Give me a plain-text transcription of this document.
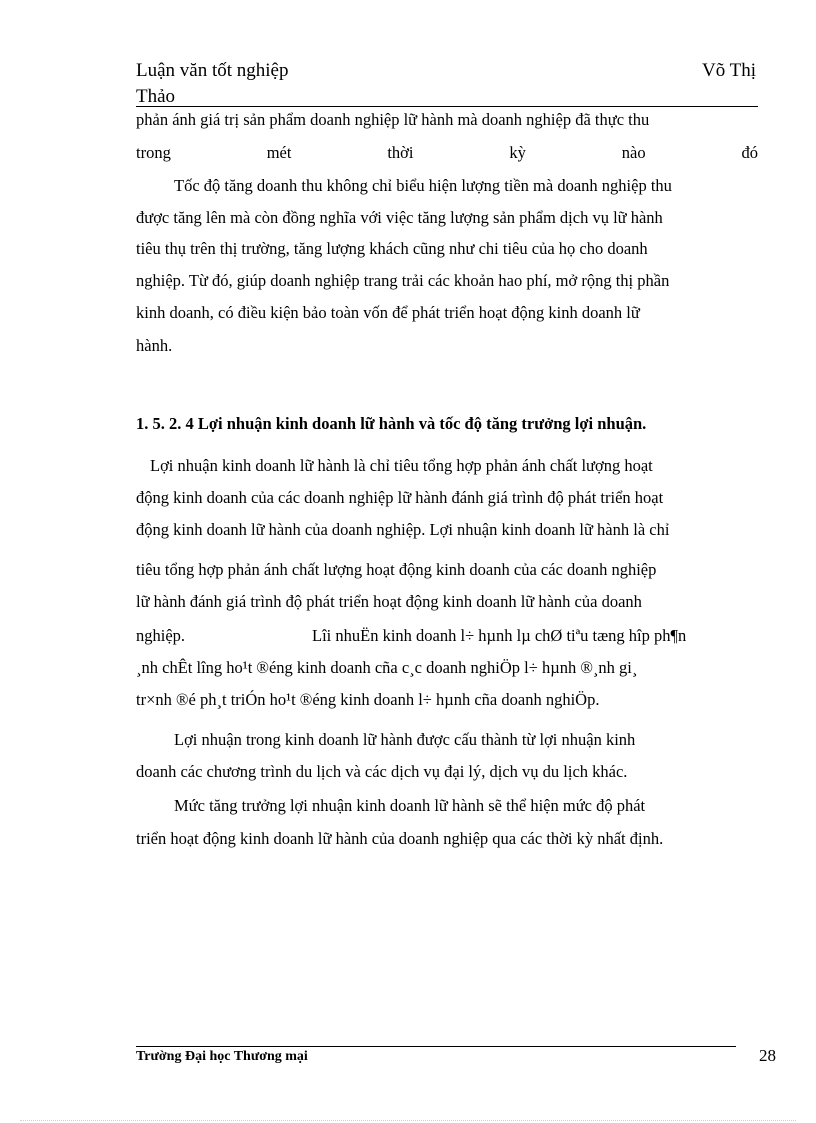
Luận văn tốt nghiệp
Thảo
Võ Thị
phản ánh giá trị sản phẩm doanh nghiệp lữ hành mà doanh nghiệp đã thực thu
trong	mét	thời	kỳ	nào	đó
Tốc độ tăng doanh thu không chỉ biểu hiện lượng tiền mà doanh nghiệp thu
được tăng lên mà còn đồng nghĩa với việc tăng lượng sản phẩm dịch vụ lữ hành
tiêu thụ trên thị trường, tăng lượng khách cũng như chi tiêu của họ cho doanh
nghiệp. Từ đó, giúp doanh nghiệp trang trải các khoản hao phí, mở rộng thị phần
kinh doanh, có điều kiện bảo toàn vốn để phát triển hoạt động kinh doanh lữ
hành.
1. 5. 2. 4 Lợi nhuận kinh doanh lữ hành và tốc độ tăng trưởng lợi nhuận.
Lợi nhuận kinh doanh lữ hành là chỉ tiêu tổng hợp phản ánh chất lượng hoạt
động kinh doanh của các doanh nghiệp lữ hành đánh giá trình độ phát triển hoạt
động kinh doanh lữ hành của doanh nghiệp. Lợi nhuận kinh doanh lữ hành là chỉ
tiêu tổng hợp phản ánh chất lượng hoạt động kinh doanh của các doanh nghiệp
lữ hành đánh giá trình độ phát triển hoạt động kinh doanh lữ hành của doanh
nghiệp.	Lîi nhuËn kinh doanh l÷ hµnh lµ chØ tiªu tæng hîp ph¶n
¸nh chÊt lîng ho¹t ®éng kinh doanh cña c¸c doanh nghiÖp l÷ hµnh ®¸nh gi¸
tr×nh ®é ph¸t triÓn ho¹t ®éng kinh doanh l÷ hµnh cña doanh nghiÖp.
Lợi nhuận trong kinh doanh lữ hành được cấu thành từ lợi nhuận kinh
doanh các chương trình du lịch và các dịch vụ đại lý, dịch vụ du lịch khác.
Mức tăng trưởng lợi nhuận kinh doanh lữ hành sẽ thể hiện mức độ phát
triển hoạt động kinh doanh lữ hành của doanh nghiệp qua các thời kỳ nhất định.
Trường Đại học Thương mại	28
